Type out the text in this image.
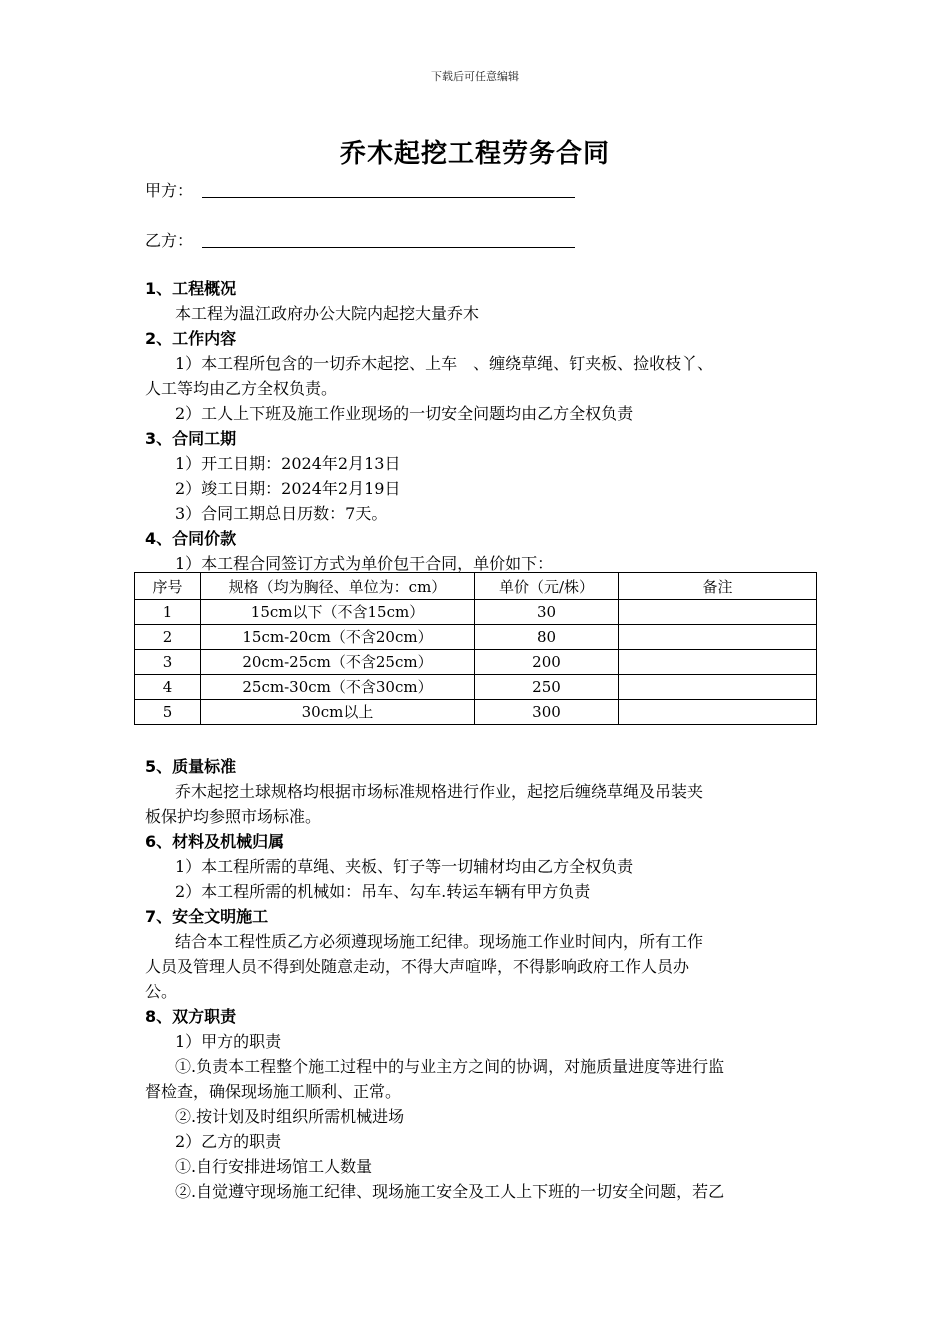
下载后可任意编辑
乔木起挖工程劳务合同
甲方：
乙方：
1、工程概况
本工程为温江政府办公大院内起挖大量乔木
2、工作内容
1）本工程所包含的一切乔木起挖、上车　、缠绕草绳、钉夹板、捡收枝丫、
人工等均由乙方全权负责。
2）工人上下班及施工作业现场的一切安全问题均由乙方全权负责
3、合同工期
1）开工日期：2024年2月13日
2）竣工日期：2024年2月19日
3）合同工期总日历数：7天。
4、合同价款
1）本工程合同签订方式为单价包干合同，单价如下：
序号	规格（均为胸径、单位为：cm）	单价（元/株）	备注
1	15cm以下（不含15cm）	30	
2	15cm-20cm（不含20cm）	80	
3	20cm-25cm（不含25cm）	200	
4	25cm-30cm（不含30cm）	250	
5	30cm以上	300	
5、质量标准
乔木起挖土球规格均根据市场标准规格进行作业，起挖后缠绕草绳及吊装夹
板保护均参照市场标准。
6、材料及机械归属
1）本工程所需的草绳、夹板、钉子等一切辅材均由乙方全权负责
2）本工程所需的机械如：吊车、勾车.转运车辆有甲方负责
7、安全文明施工
结合本工程性质乙方必须遵现场施工纪律。现场施工作业时间内，所有工作
人员及管理人员不得到处随意走动，不得大声喧哗，不得影响政府工作人员办
公。
8、双方职责
1）甲方的职责
①.负责本工程整个施工过程中的与业主方之间的协调，对施质量进度等进行监
督检查，确保现场施工顺利、正常。
②.按计划及时组织所需机械进场
2）乙方的职责
①.自行安排进场馆工人数量
②.自觉遵守现场施工纪律、现场施工安全及工人上下班的一切安全问题，若乙
